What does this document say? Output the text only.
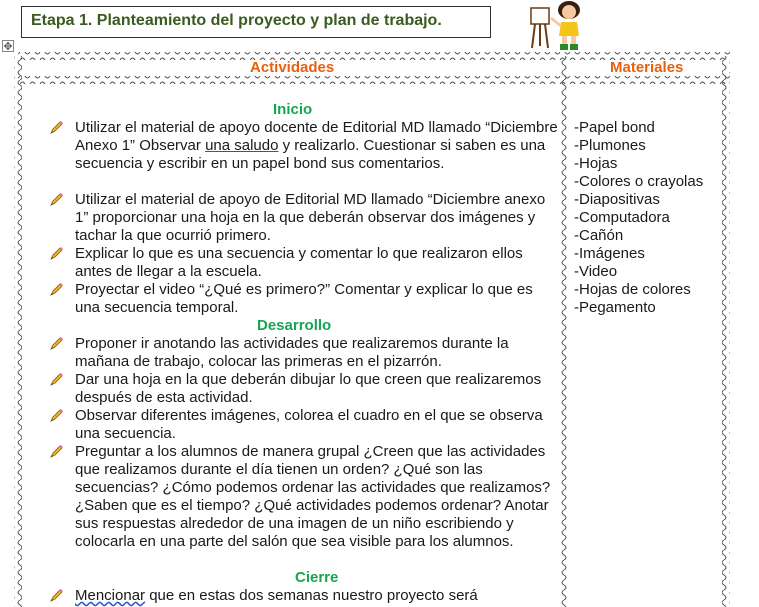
Etapa 1. Planteamiento del proyecto y plan de trabajo.
✥
Actividades	Materiales
Inicio
Utilizar el material de apoyo docente de Editorial MD llamado “Diciembre Anexo 1” Observar una saludo y realizarlo. Cuestionar si saben es una secuencia y escribir en un papel bond sus comentarios.
Utilizar el material de apoyo de Editorial MD llamado “Diciembre anexo 1” proporcionar una hoja en la que deberán observar dos imágenes y tachar la que ocurrió primero.
Explicar lo que es una secuencia y comentar lo que realizaron ellos antes de llegar a la escuela.
Proyectar el video “¿Qué es primero?” Comentar y explicar lo que es una secuencia temporal.
Desarrollo
Proponer ir anotando las actividades que realizaremos durante la mañana de trabajo, colocar las primeras en el pizarrón.
Dar una hoja en la que deberán dibujar lo que creen que realizaremos después de esta actividad.
Observar diferentes imágenes, colorea el cuadro en el que se observa una secuencia.
Preguntar a los alumnos de manera grupal ¿Creen que las actividades que realizamos durante el día tienen un orden? ¿Qué son las secuencias? ¿Cómo podemos ordenar las actividades que realizamos? ¿Saben que es el tiempo? ¿Qué actividades podemos ordenar? Anotar sus respuestas alrededor de una imagen de un niño escribiendo y colocarla en una parte del salón que sea visible para los alumnos.
Cierre
Mencionar que en estas dos semanas nuestro proyecto será
-Papel bond
-Plumones
-Hojas
-Colores o crayolas
-Diapositivas
-Computadora
-Cañón
-Imágenes
-Video
-Hojas de colores
-Pegamento
